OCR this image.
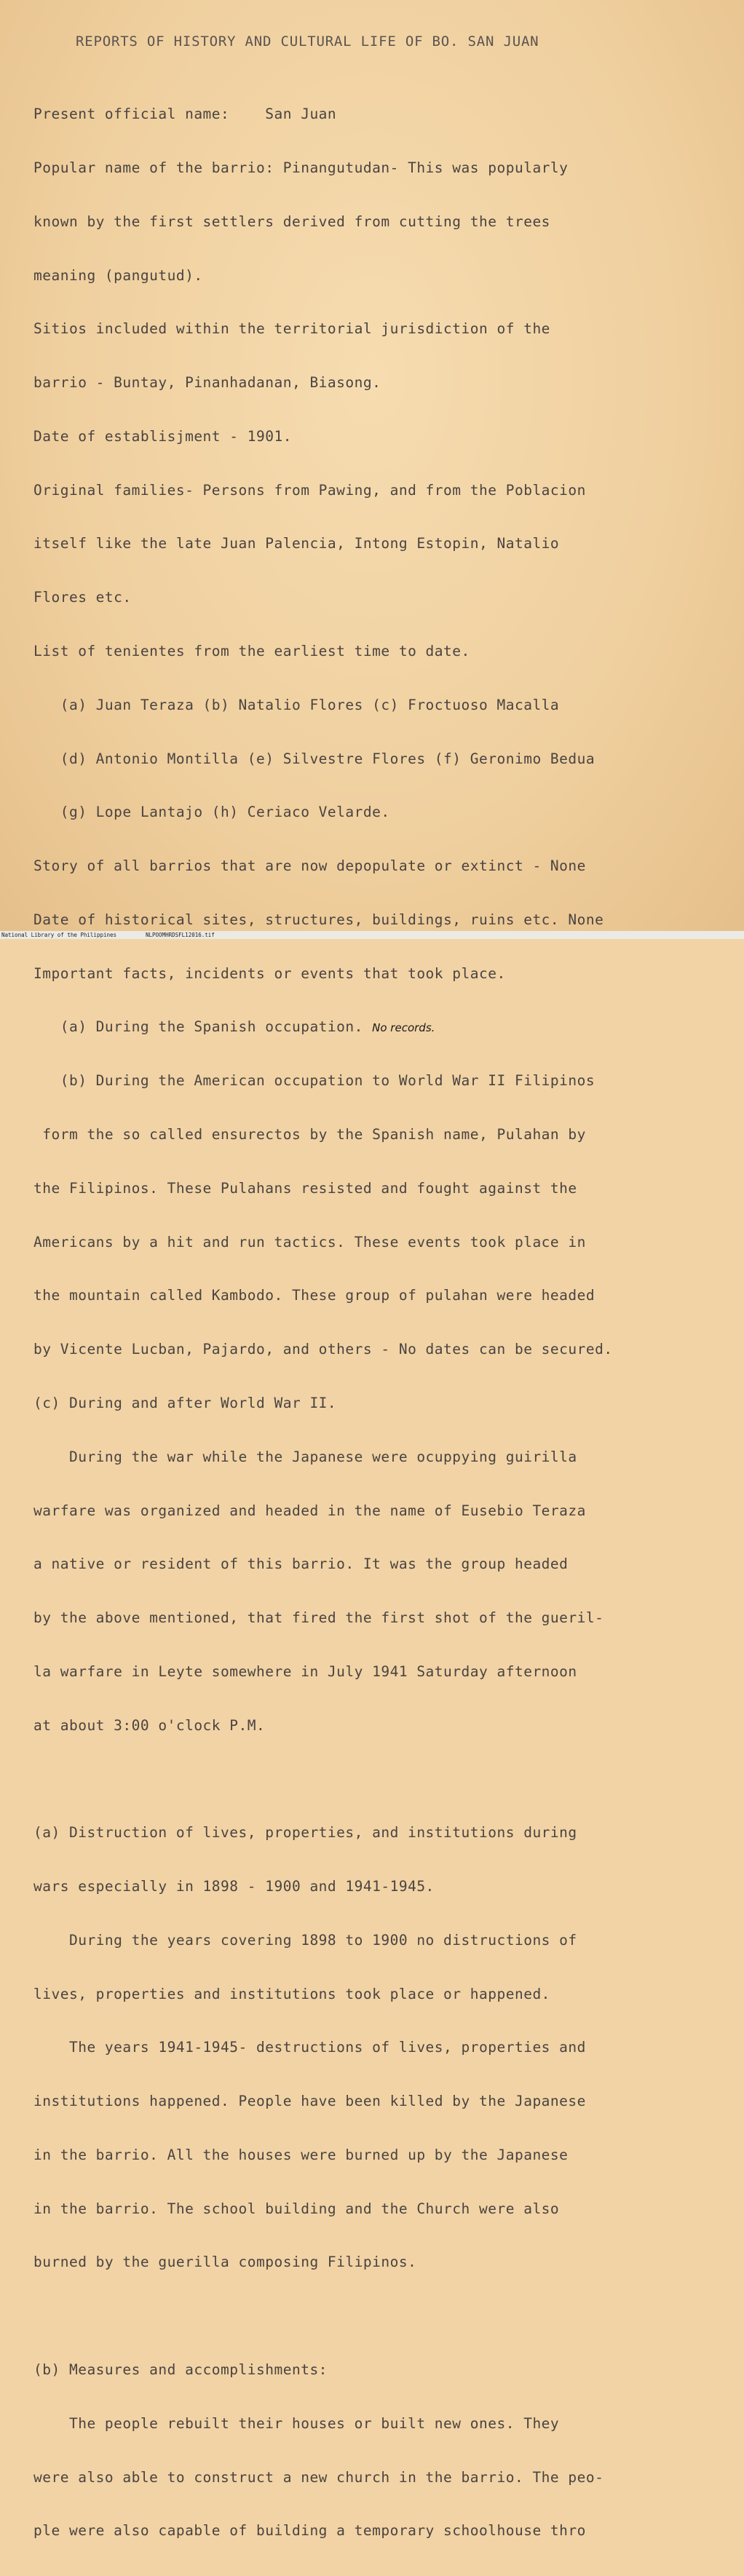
REPORTS OF HISTORY AND CULTURAL LIFE OF BO. SAN JUAN

Present official name:    San Juan

Popular name of the barrio: Pinangutudan- This was popularly

known by the first settlers derived from cutting the trees

meaning (pangutud).

Sitios included within the territorial jurisdiction of the

barrio - Buntay, Pinanhadanan, Biasong.

Date of establisjment - 1901.

Original families- Persons from Pawing, and from the Poblacion

itself like the late Juan Palencia, Intong Estopin, Natalio

Flores etc.

List of tenientes from the earliest time to date.

(a) Juan Teraza (b) Natalio Flores (c) Froctuoso Macalla

(d) Antonio Montilla (e) Silvestre Flores (f) Geronimo Bedua

(g) Lope Lantajo (h) Ceriaco Velarde.

Story of all barrios that are now depopulate or extinct - None

Date of historical sites, structures, buildings, ruins etc. None

Important facts, incidents or events that took place.

(a) During the Spanish occupation. No records.

(b) During the American occupation to World War II Filipinos

form the so called ensurectos by the Spanish name, Pulahan by

the Filipinos. These Pulahans resisted and fought against the

Americans by a hit and run tactics. These events took place in

the mountain called Kambodo. These group of pulahan were headed

by Vicente Lucban, Pajardo, and others - No dates can be secured.

(c) During and after World War II.

During the war while the Japanese were ocuppying guirilla

warfare was organized and headed in the name of Eusebio Teraza

a native or resident of this barrio. It was the group headed

by the above mentioned, that fired the first shot of the gueril-

la warfare in Leyte somewhere in July 1941 Saturday afternoon

at about 3:00 o'clock P.M.

(a) Distruction of lives, properties, and institutions during

wars especially in 1898 - 1900 and 1941-1945.

During the years covering 1898 to 1900 no distructions of

lives, properties and institutions took place or happened.

The years 1941-1945- destructions of lives, properties and

institutions happened. People have been killed by the Japanese

in the barrio. All the houses were burned up by the Japanese

in the barrio. The school building and the Church were also

burned by the guerilla composing Filipinos.

(b) Measures and accomplishments:

The people rebuilt their houses or built new ones. They

were also able to construct a new church in the barrio. The peo-

ple were also capable of building a temporary schoolhouse thro

National Library of the Philippines	NLPOOMHRDSFL12016.tif
